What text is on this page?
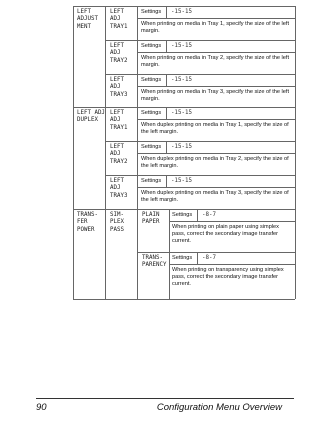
LEFT ADJUST MENT
LEFT ADJ TRAY1
Settings -15-15
When printing on media in Tray 1, specify the size of the left margin.
LEFT ADJ TRAY2
Settings -15-15
When printing on media in Tray 2, specify the size of the left margin.
LEFT ADJ TRAY3
Settings -15-15
When printing on media in Tray 3, specify the size of the left margin.
LEFT ADJ DUPLEX
LEFT ADJ TRAY1
Settings -15-15
When duplex printing on media in Tray 1, specify the size of the left margin.
LEFT ADJ TRAY2
Settings -15-15
When duplex printing on media in Tray 2, specify the size of the left margin.
LEFT ADJ TRAY3
Settings -15-15
When duplex printing on media in Tray 3, specify the size of the left margin.
TRANS- FER POWER
SIM- PLEX PASS
PLAIN PAPER
Settings -8-7
When printing on plain paper using simplex pass, correct the secondary image transfer current.
TRANS- PARENCY
Settings -8-7
When printing on transparency using simplex pass, correct the secondary image transfer current.
90	Configuration Menu Overview
